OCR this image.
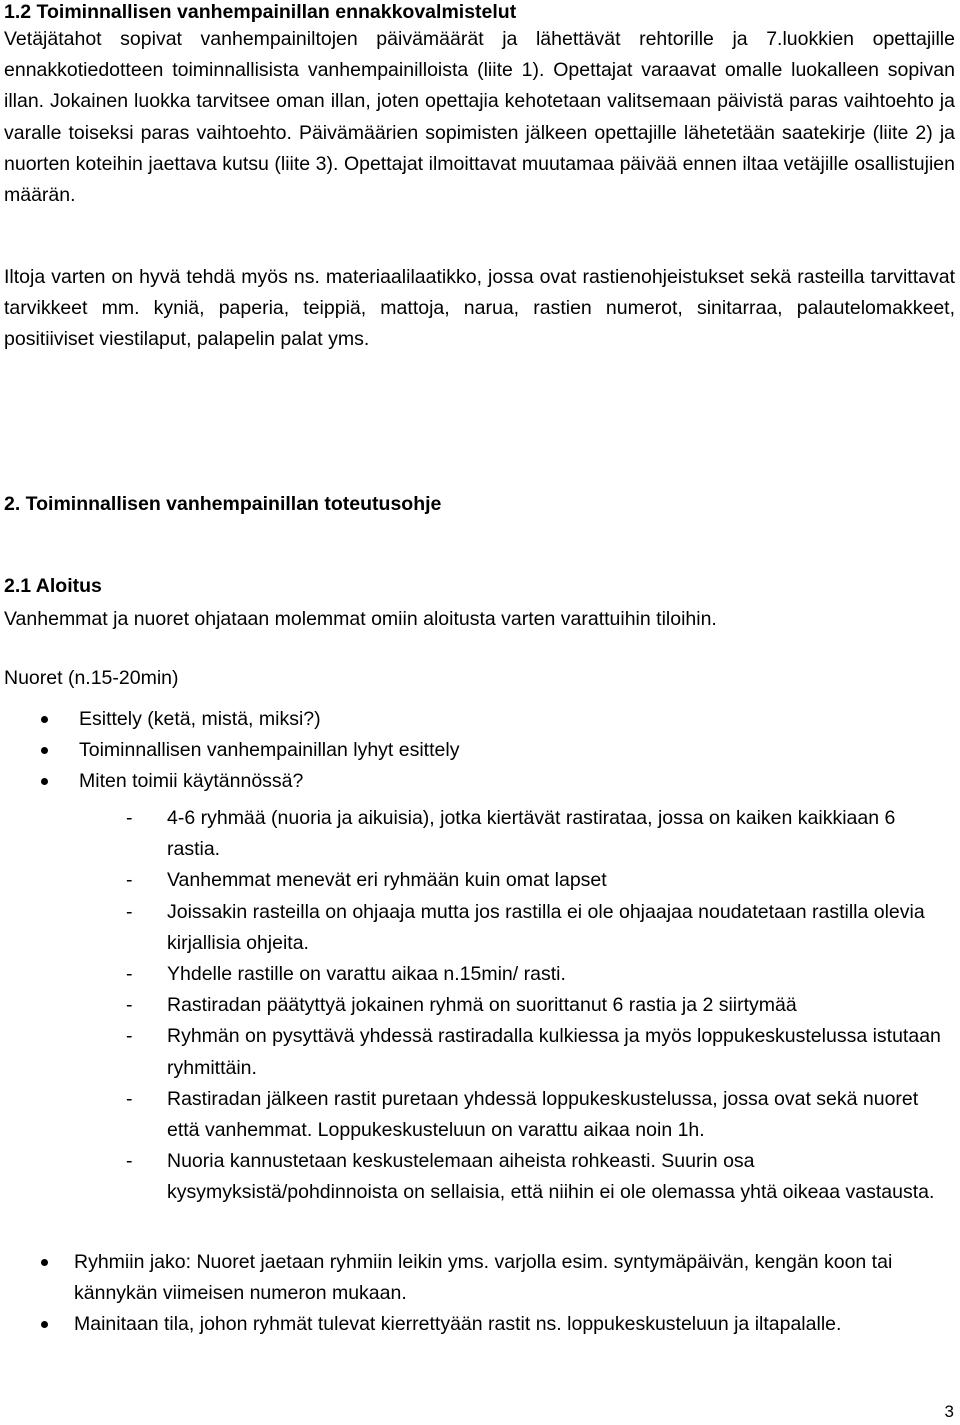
1.2 Toiminnallisen vanhempainillan ennakkovalmistelut

Vetäjätahot sopivat vanhempainiltojen päivämäärät ja lähettävät rehtorille ja 7.luokkien opettajille ennakkotiedotteen toiminnallisista vanhempainilloista (liite 1). Opettajat varaavat omalle luokalleen sopivan illan. Jokainen luokka tarvitsee oman illan, joten opettajia kehotetaan valitsemaan päivistä paras vaihtoehto ja varalle toiseksi paras vaihtoehto. Päivämäärien sopimisten jälkeen opettajille lähetetään saatekirje (liite 2) ja nuorten koteihin jaettava kutsu (liite 3). Opettajat ilmoittavat muutamaa päivää ennen iltaa vetäjille osallistujien määrän.

Iltoja varten on hyvä tehdä myös ns. materiaalilaatikko, jossa ovat rastienohjeistukset sekä rasteilla tarvittavat tarvikkeet mm. kyniä, paperia, teippiä, mattoja, narua, rastien numerot, sinitarraa, palautelomakkeet, positiiviset viestilaput, palapelin palat yms.

2. Toiminnallisen vanhempainillan toteutusohje
2.1 Aloitus

Vanhemmat ja nuoret ohjataan molemmat omiin aloitusta varten varattuihin tiloihin.

Nuoret (n.15-20min)

Esittely (ketä, mistä, miksi?)
Toiminnallisen vanhempainillan lyhyt esittely
Miten toimii käytännössä?
- 4-6 ryhmää (nuoria ja aikuisia), jotka kiertävät rastirataa, jossa on kaiken kaikkiaan 6 rastia.
- Vanhemmat menevät eri ryhmään kuin omat lapset
- Joissakin rasteilla on ohjaaja mutta jos rastilla ei ole ohjaajaa noudatetaan rastilla olevia kirjallisia ohjeita.
- Yhdelle rastille on varattu aikaa n.15min/ rasti.
- Rastiradan päätyttyä jokainen ryhmä on suorittanut 6 rastia ja 2 siirtymää
- Ryhmän on pysyttävä yhdessä rastiradalla kulkiessa ja myös loppukeskustelussa istutaan ryhmittäin.
- Rastiradan jälkeen rastit puretaan yhdessä loppukeskustelussa, jossa ovat sekä nuoret että vanhemmat. Loppukeskusteluun on varattu aikaa noin 1h.
- Nuoria kannustetaan keskustelemaan aiheista rohkeasti. Suurin osa kysymyksistä/pohdinnoista on sellaisia, että niihin ei ole olemassa yhtä oikeaa vastausta.
Ryhmiin jako: Nuoret jaetaan ryhmiin leikin yms. varjolla esim. syntymäpäivän, kengän koon tai kännykän viimeisen numeron mukaan.
Mainitaan tila, johon ryhmät tulevat kierrettyään rastit ns. loppukeskusteluun ja iltapalalle.
3
